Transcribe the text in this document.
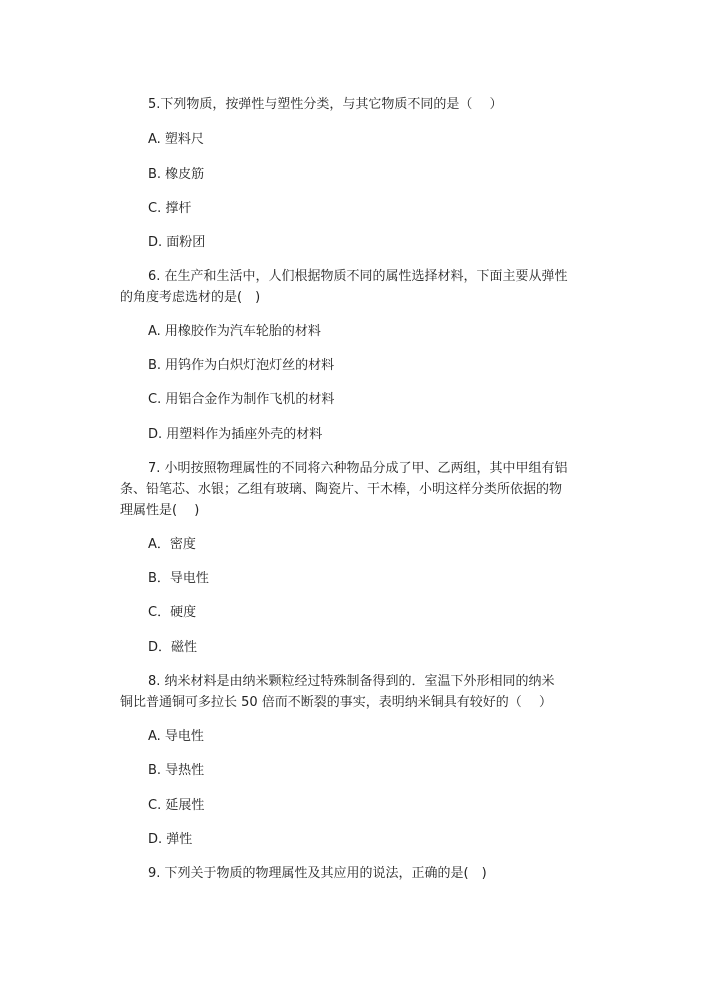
5.下列物质，按弹性与塑性分类，与其它物质不同的是（　 ）
A. 塑料尺
B. 橡皮筋
C. 撑杆
D. 面粉团
6. 在生产和生活中，人们根据物质不同的属性选择材料，下面主要从弹性
的角度考虑选材的是(　)
A. 用橡胶作为汽车轮胎的材料
B. 用钨作为白炽灯泡灯丝的材料
C. 用铝合金作为制作飞机的材料
D. 用塑料作为插座外壳的材料
7. 小明按照物理属性的不同将六种物品分成了甲、乙两组，其中甲组有铝
条、铅笔芯、水银；乙组有玻璃、陶瓷片、干木棒，小明这样分类所依据的物
理属性是(　 )
A．密度
B．导电性
C．硬度
D．磁性
8. 纳米材料是由纳米颗粒经过特殊制备得到的．室温下外形相同的纳米
铜比普通铜可多拉长 50 倍而不断裂的事实，表明纳米铜具有较好的（　 ）
A. 导电性
B. 导热性
C. 延展性
D. 弹性
9. 下列关于物质的物理属性及其应用的说法，正确的是(　)
